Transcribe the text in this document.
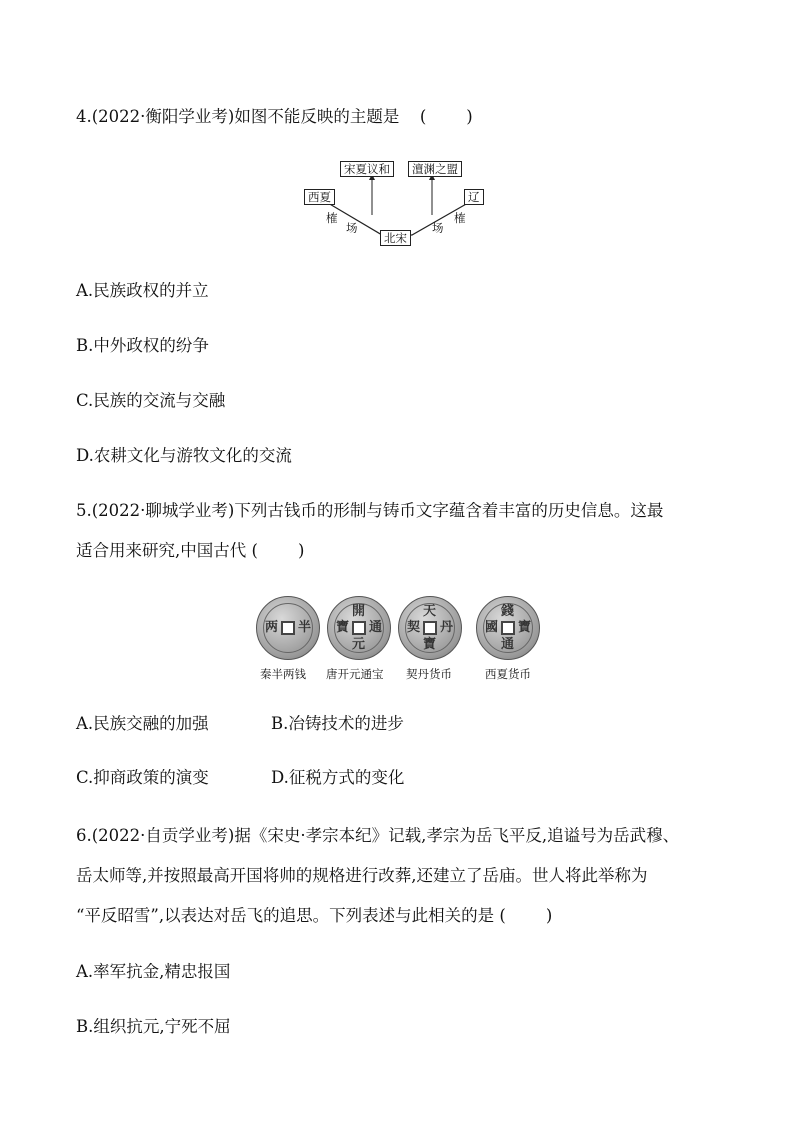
4.(2022·衡阳学业考)如图不能反映的主题是 ( )
宋夏议和	澶渊之盟
西夏	辽
北宋
榷
场	场
榷
A.民族政权的并立
B.中外政权的纷争
C.民族的交流与交融
D.农耕文化与游牧文化的交流
5.(2022·聊城学业考)下列古钱币的形制与铸币文字蕴含着丰富的历史信息。这最
适合用来研究,中国古代 ( )
两 半
開
元
寶 通
天
丹
契
寶
錢
寶
通
國
秦半两钱 唐开元通宝 契丹货币	西夏货币
A.民族交融的加强	B.冶铸技术的进步
C.抑商政策的演变	D.征税方式的变化
6.(2022·自贡学业考)据《宋史·孝宗本纪》记载,孝宗为岳飞平反,追谥号为岳武穆、
岳太师等,并按照最高开国将帅的规格进行改葬,还建立了岳庙。世人将此举称为
“平反昭雪”,以表达对岳飞的追思。下列表述与此相关的是 ( )
A.率军抗金,精忠报国
B.组织抗元,宁死不屈
